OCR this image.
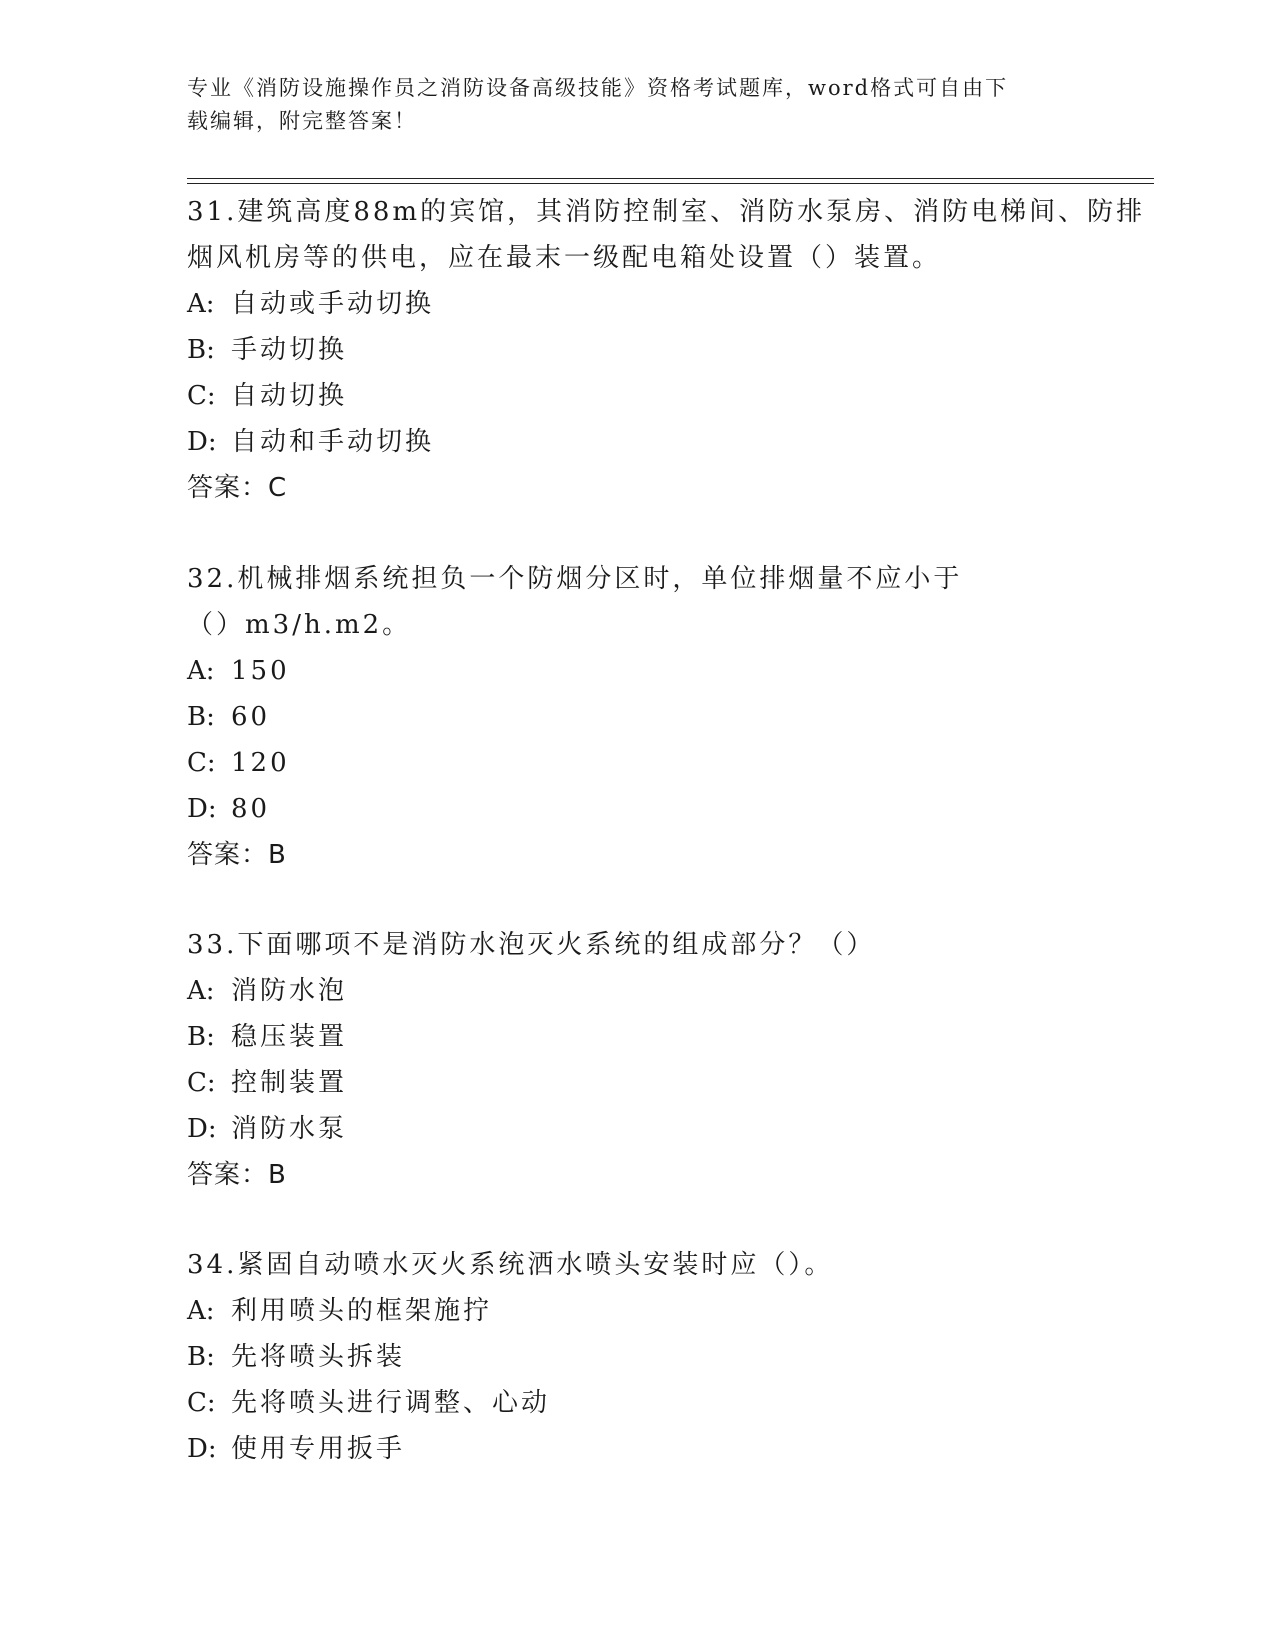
专业《消防设施操作员之消防设备高级技能》资格考试题库，word格式可自由下
载编辑，附完整答案！

31.建筑高度88m的宾馆，其消防控制室、消防水泵房、消防电梯间、防排烟风机房等的供电，应在最末一级配电箱处设置（）装置。

A: 自动或手动切换

B: 手动切换

C: 自动切换

D: 自动和手动切换

答案：C

32.机械排烟系统担负一个防烟分区时，单位排烟量不应小于（）m3/h.m2。

A: 150

B: 60

C: 120

D: 80

答案：B

33.下面哪项不是消防水泡灭火系统的组成部分？（）

A: 消防水泡

B: 稳压装置

C: 控制装置

D: 消防水泵

答案：B

34.紧固自动喷水灭火系统洒水喷头安装时应（）。

A: 利用喷头的框架施拧

B: 先将喷头拆装

C: 先将喷头进行调整、心动

D: 使用专用扳手
